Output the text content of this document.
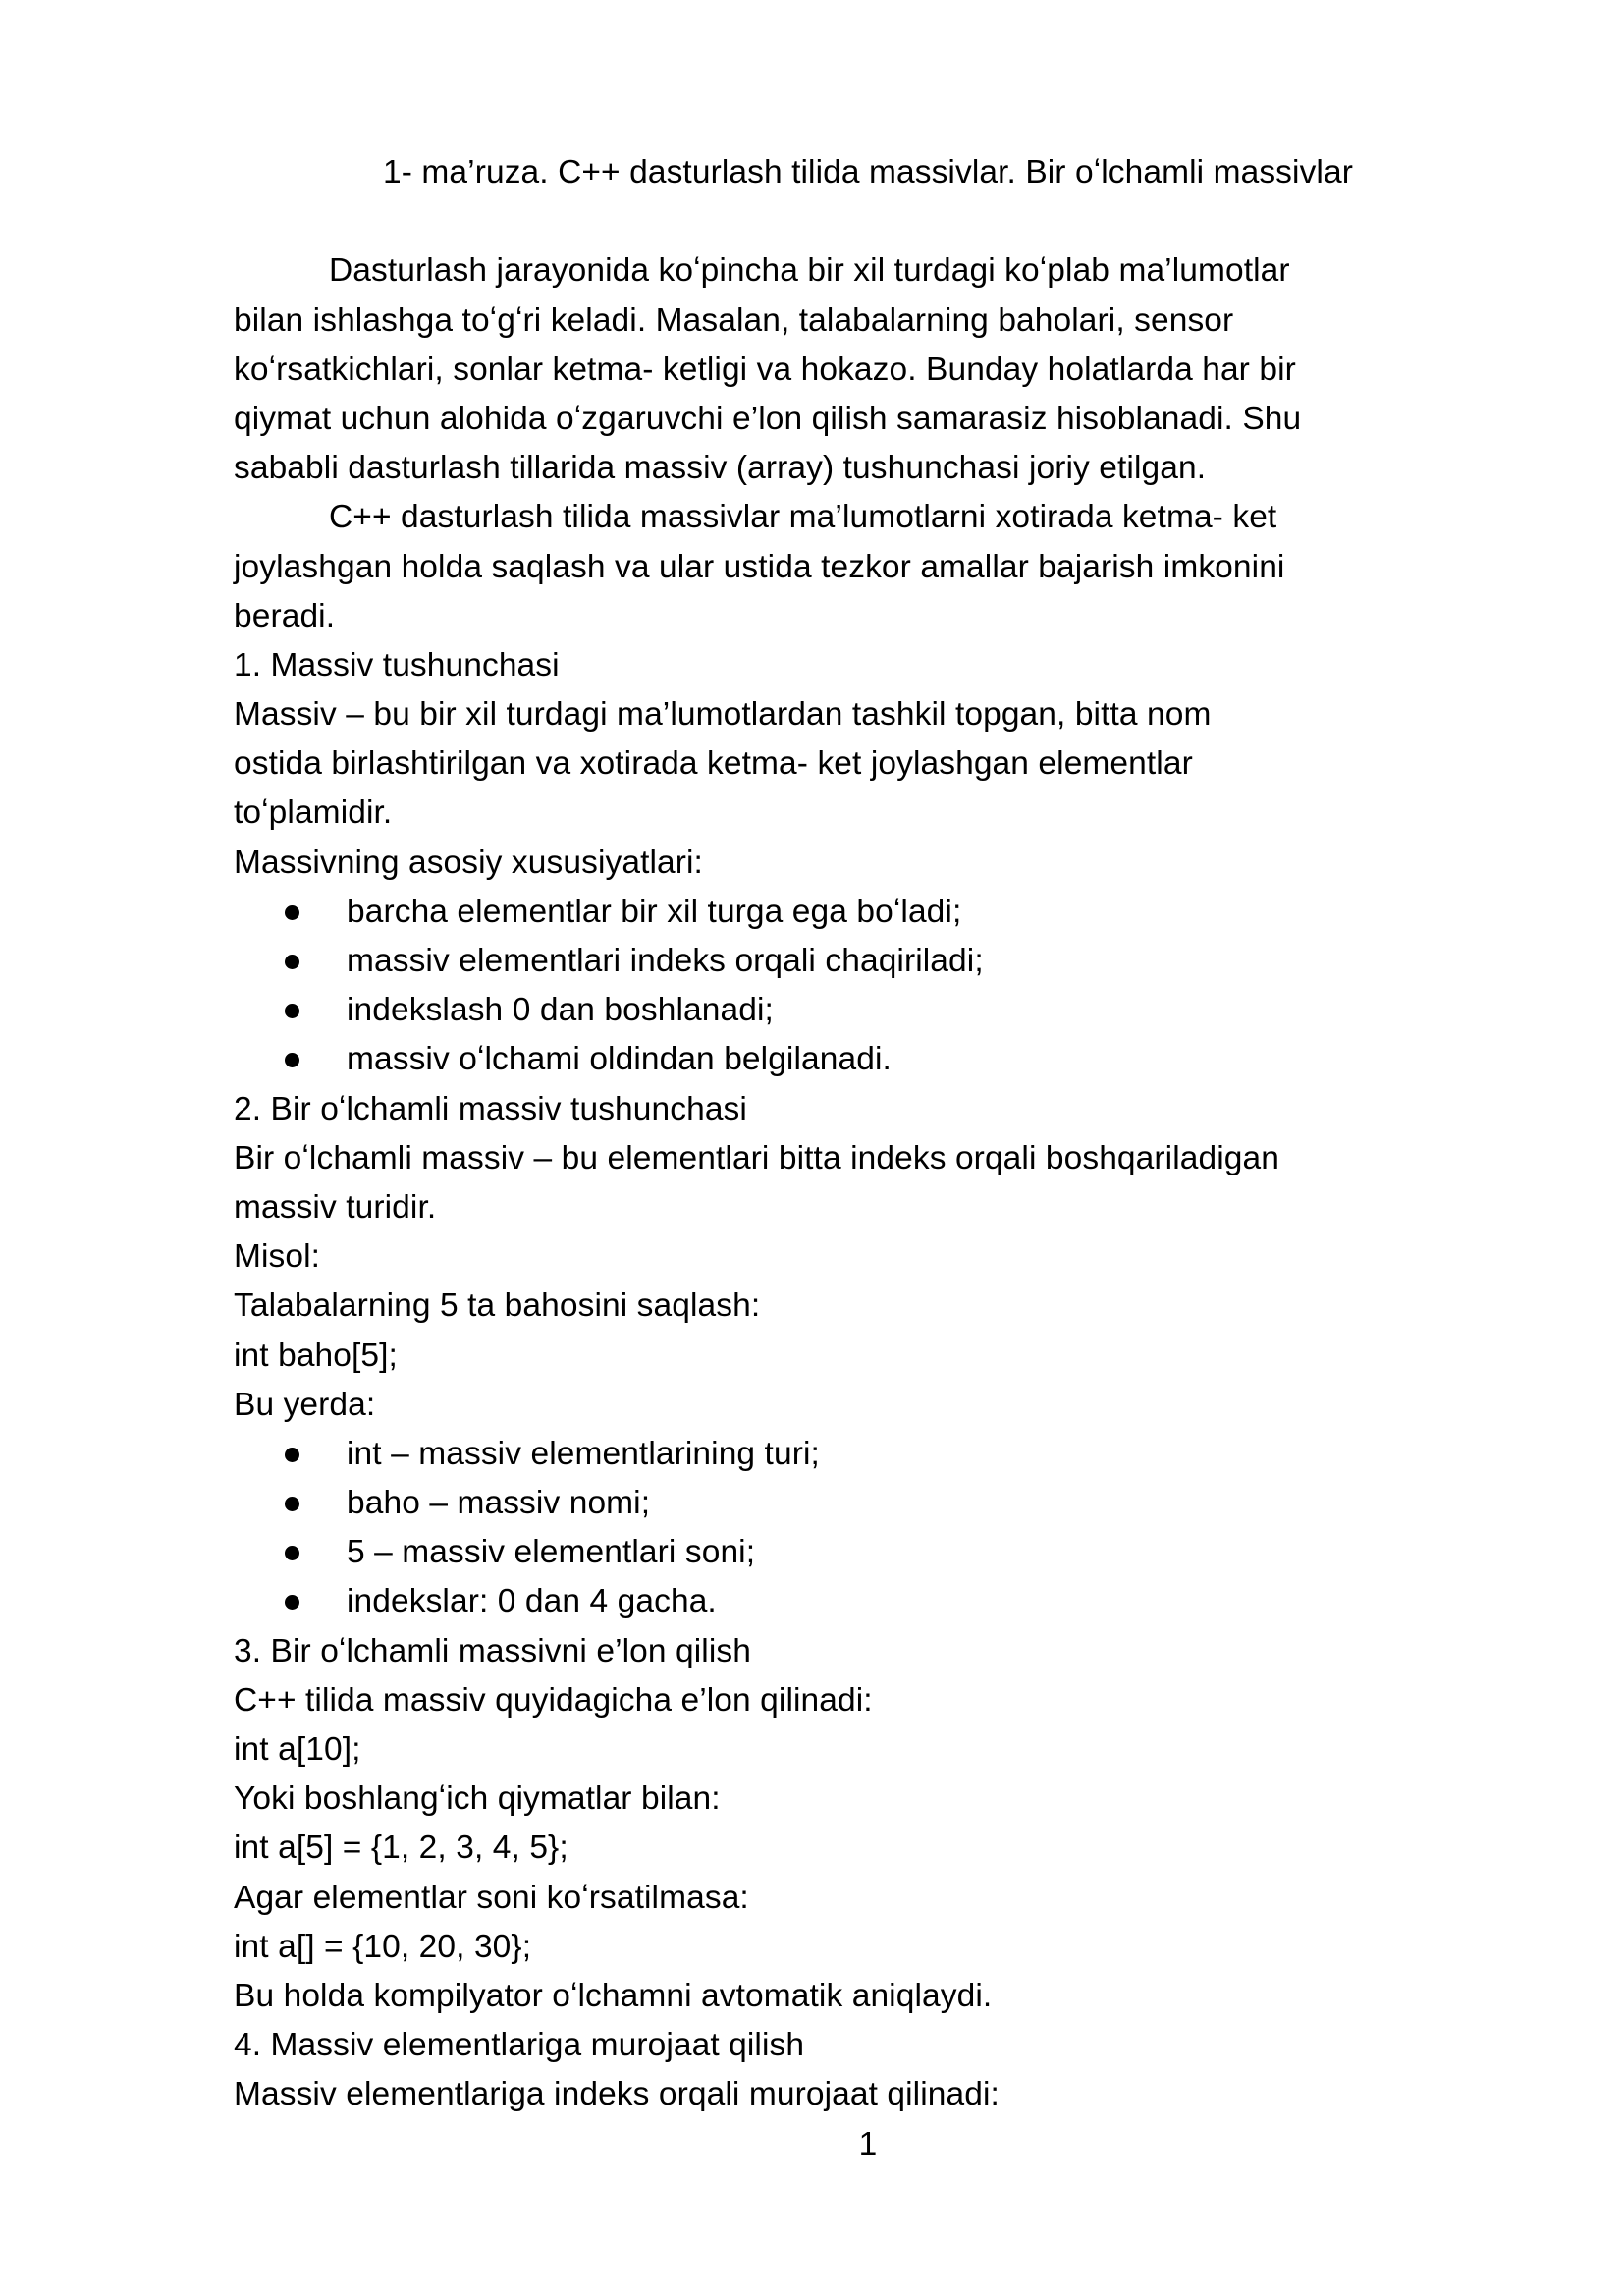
1- ma’ruza. C++ dasturlash tilida massivlar. Bir oʻlchamli massivlar
Dasturlash jarayonida koʻpincha bir xil turdagi koʻplab ma’lumotlar
bilan ishlashga toʻgʻri keladi. Masalan, talabalarning baholari, sensor
koʻrsatkichlari, sonlar ketma- ketligi va hokazo. Bunday holatlarda har bir
qiymat uchun alohida oʻzgaruvchi e’lon qilish samarasiz hisoblanadi. Shu
sababli dasturlash tillarida massiv (array) tushunchasi joriy etilgan.
C++ dasturlash tilida massivlar ma’lumotlarni xotirada ketma- ket
joylashgan holda saqlash va ular ustida tezkor amallar bajarish imkonini
beradi.
1. Massiv tushunchasi
Massiv – bu bir xil turdagi ma’lumotlardan tashkil topgan, bitta nom
ostida birlashtirilgan va xotirada ketma- ket joylashgan elementlar
toʻplamidir.
Massivning asosiy xususiyatlari:
barcha elementlar bir xil turga ega boʻladi;
massiv elementlari indeks orqali chaqiriladi;
indekslash 0 dan boshlanadi;
massiv oʻlchami oldindan belgilanadi.
2. Bir oʻlchamli massiv tushunchasi
Bir oʻlchamli massiv – bu elementlari bitta indeks orqali boshqariladigan
massiv turidir.
Misol:
Talabalarning 5 ta bahosini saqlash:
int baho[5];
Bu yerda:
int – massiv elementlarining turi;
baho – massiv nomi;
5 – massiv elementlari soni;
indekslar: 0 dan 4 gacha.
3. Bir oʻlchamli massivni e’lon qilish
C++ tilida massiv quyidagicha e’lon qilinadi:
int a[10];
Yoki boshlangʻich qiymatlar bilan:
int a[5] = {1, 2, 3, 4, 5};
Agar elementlar soni koʻrsatilmasa:
int a[] = {10, 20, 30};
Bu holda kompilyator oʻlchamni avtomatik aniqlaydi.
4. Massiv elementlariga murojaat qilish
Massiv elementlariga indeks orqali murojaat qilinadi:
1
